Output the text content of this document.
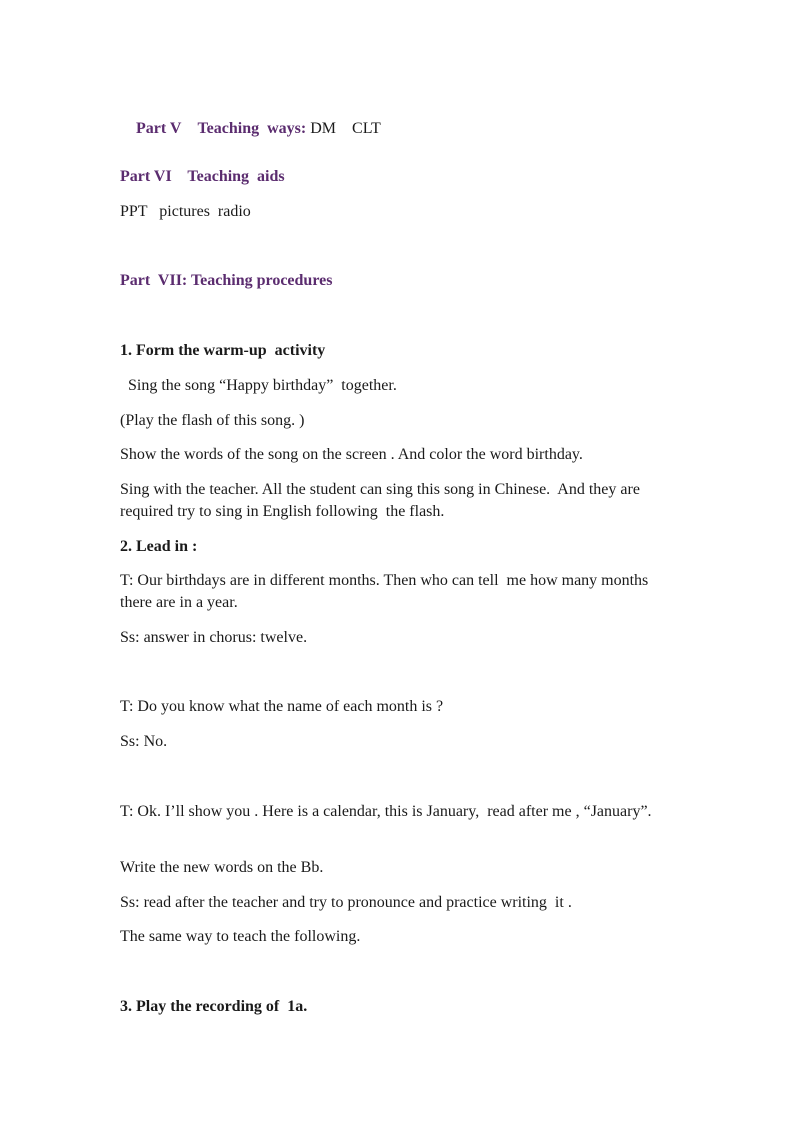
Part V Teaching  ways: DM    CLT

Part VI    Teaching  aids

PPT   pictures  radio

Part  VII: Teaching procedures

1. Form the warm-up  activity

Sing the song “Happy birthday”  together.

(Play the flash of this song. )

Show the words of the song on the screen . And color the word birthday.

Sing with the teacher. All the student can sing this song in Chinese.  And they are required try to sing in English following  the flash.

2. Lead in :

T: Our birthdays are in different months. Then who can tell  me how many months there are in a year.

Ss: answer in chorus: twelve.

T: Do you know what the name of each month is ?

Ss: No.

T: Ok. I’ll show you . Here is a calendar, this is January,  read after me , “January”.

Write the new words on the Bb.

Ss: read after the teacher and try to pronounce and practice writing  it .

The same way to teach the following.

3. Play the recording of  1a.
